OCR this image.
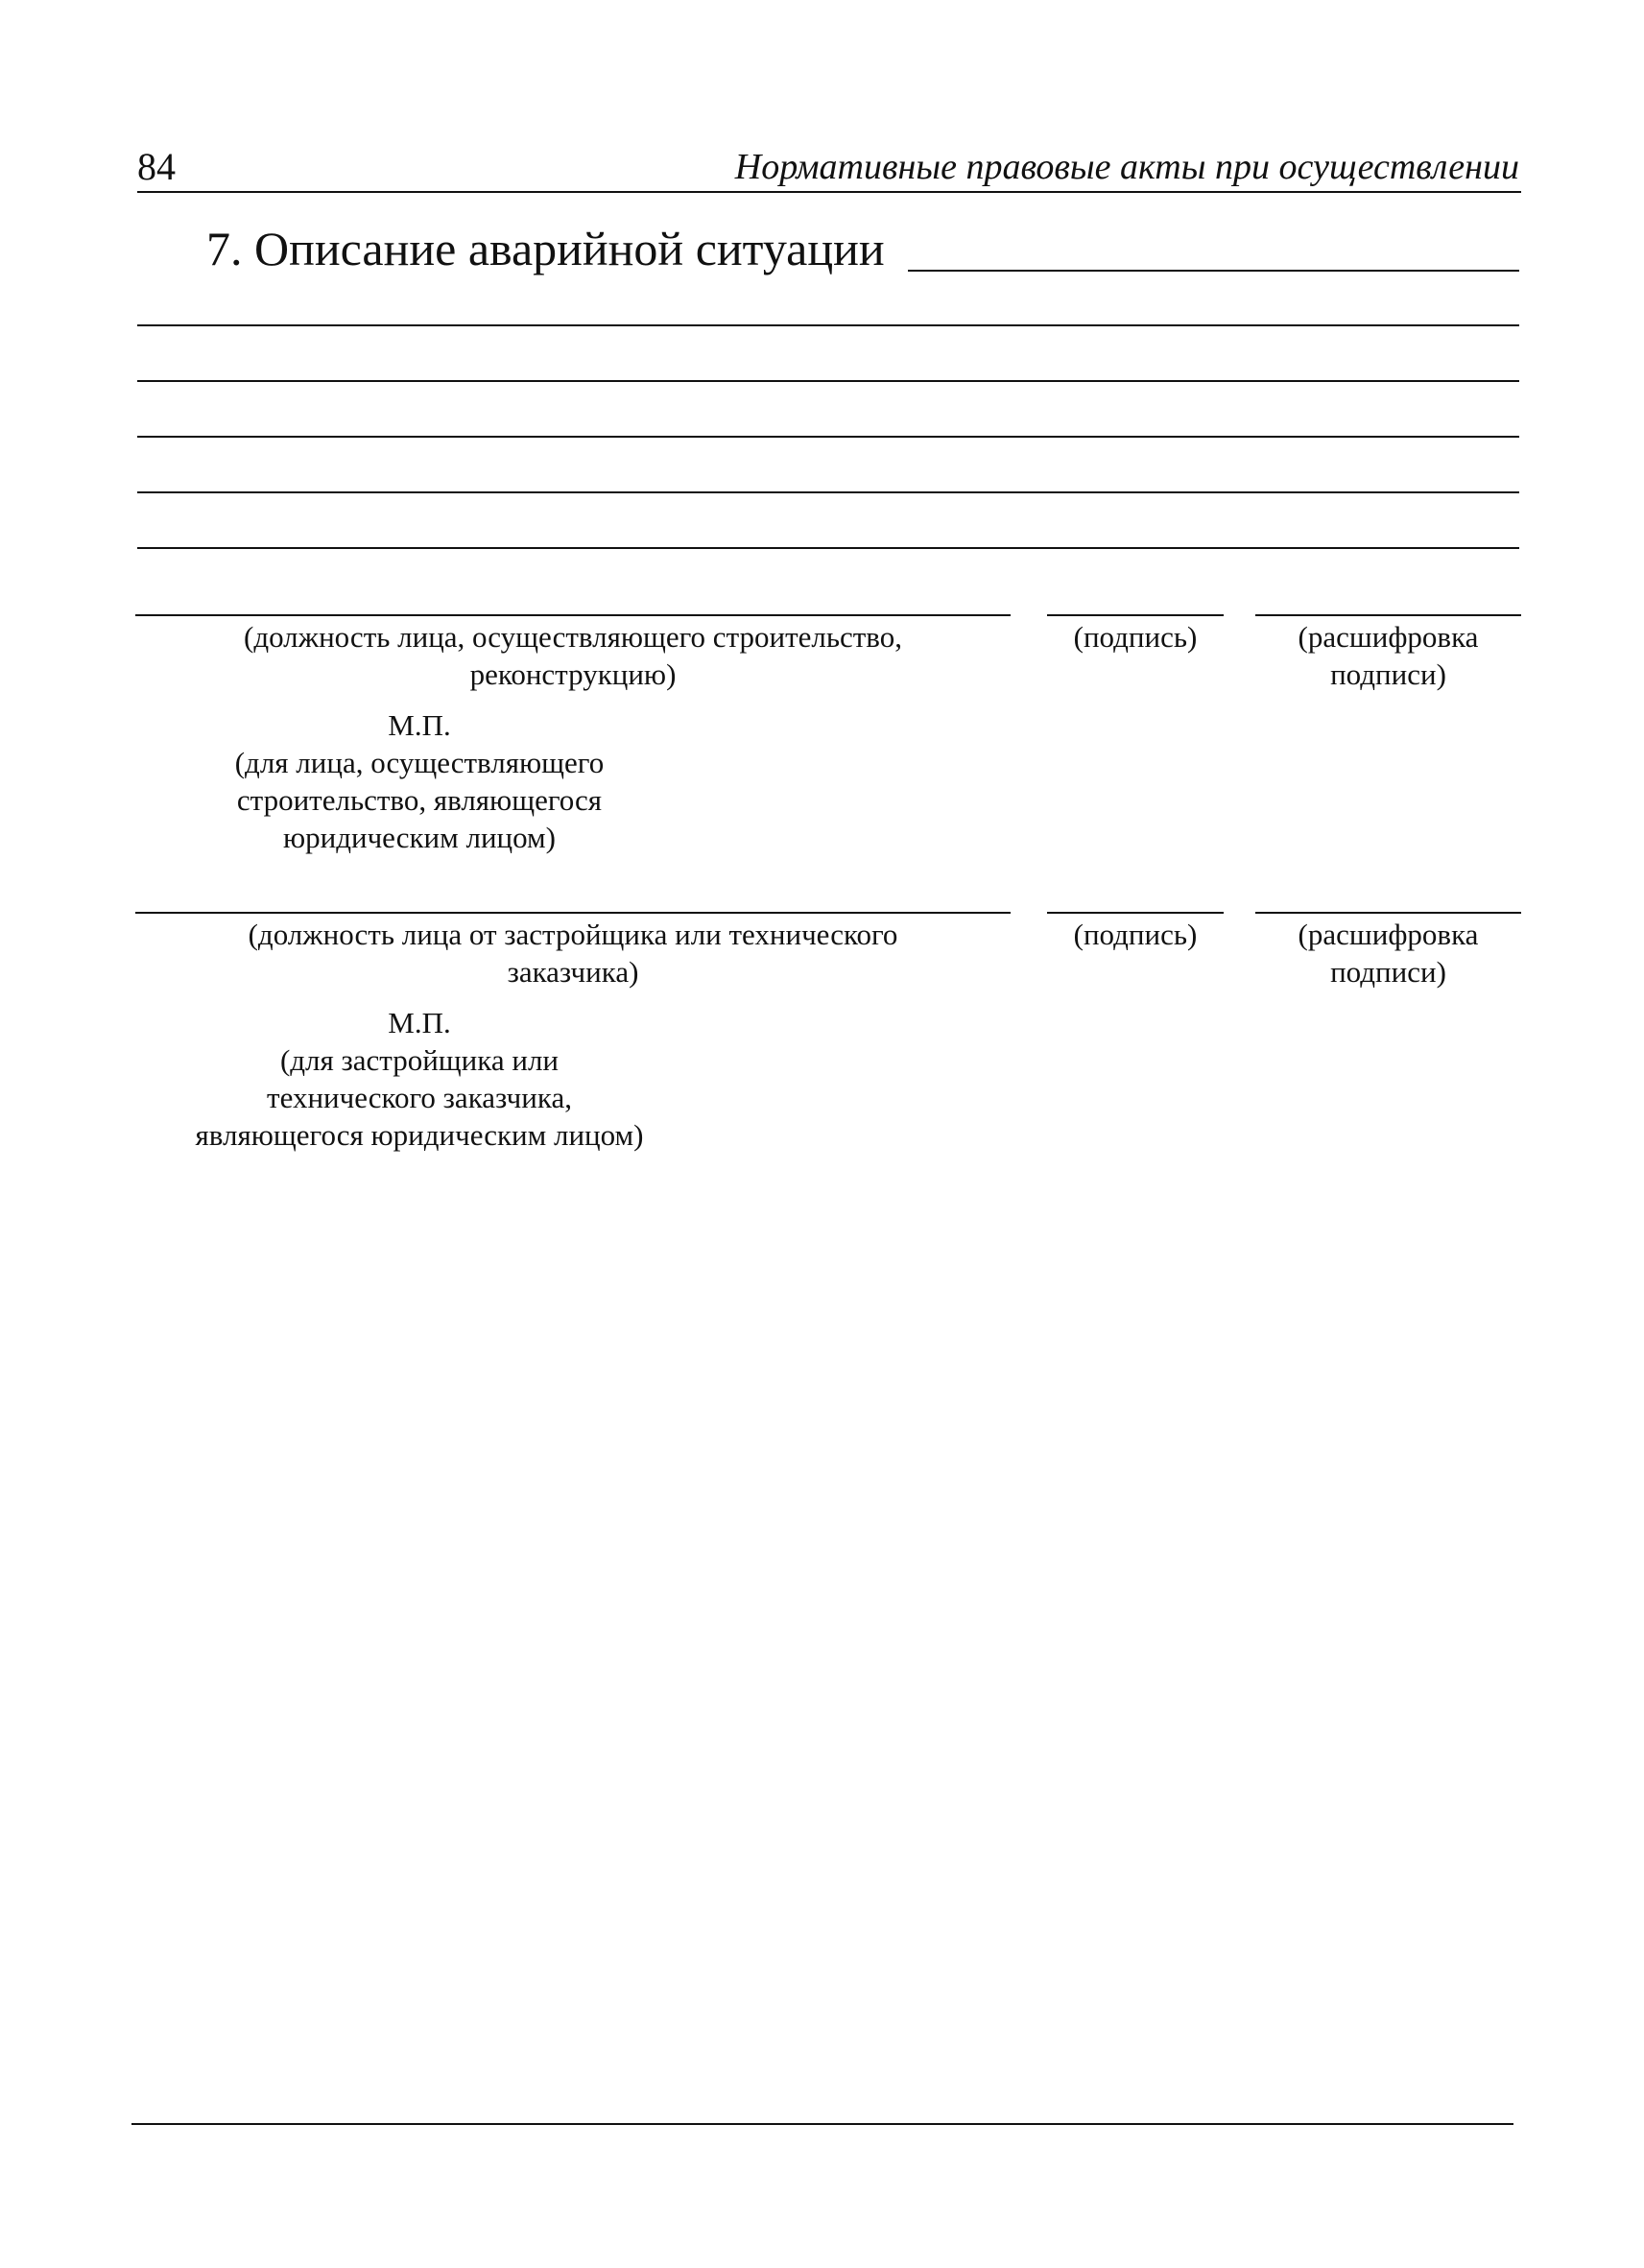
84	Нормативные правовые акты при осуществлении
7. Описание аварийной ситуации
(должность лица, осуществляющего строительство,
реконструкцию)
(подпись)	(расшифровка
подписи)
М.П.
(для лица, осуществляющего
строительство, являющегося
юридическим лицом)
(должность лица от застройщика или технического
заказчика)
(подпись)	(расшифровка
подписи)
М.П.
(для застройщика или
технического заказчика,
являющегося юридическим лицом)
